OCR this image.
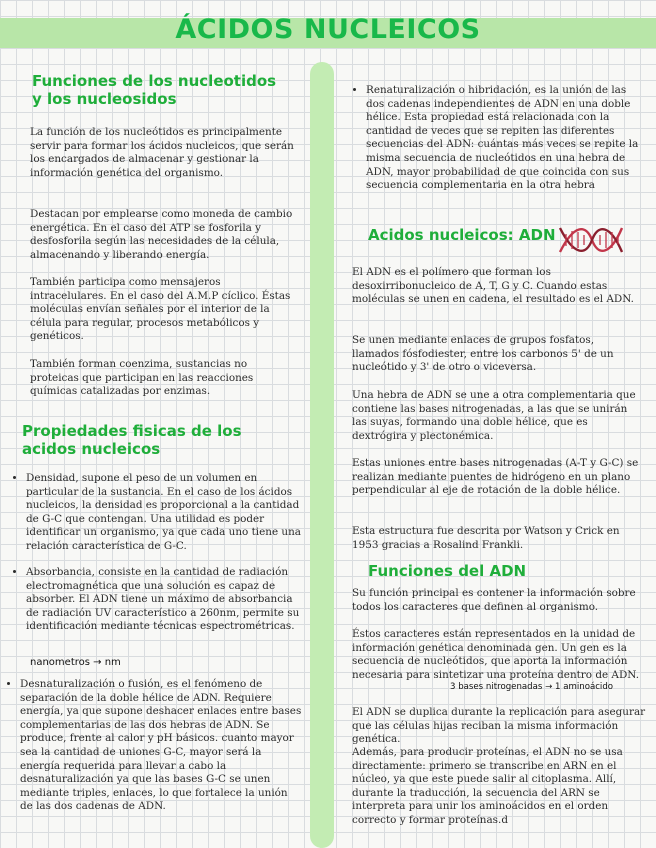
ÁCIDOS NUCLEICOS
Funciones de los nucleotidos y los nucleosidos
La función de los nucleótidos es principalmente servir para formar los ácidos nucleicos, que serán los encargados de almacenar y gestionar la información genética del organismo.
Destacan por emplearse como moneda de cambio energética. En el caso del ATP se fosforila y desfosforila según las necesidades de la célula, almacenando y liberando energía.
También participa como mensajeros intracelulares. En el caso del A.M.P cíclico. Éstas moléculas envían señales por el interior de la célula para regular, procesos metabólicos y genéticos.
También forman coenzima, sustancias no proteicas que participan en las reacciones químicas catalizadas por enzimas.
Propiedades fisicas de los acidos nucleicos
• Densidad, supone el peso de un volumen en particular de la sustancia. En el caso de los ácidos nucleicos, la densidad es proporcional a la cantidad de G-C que contengan. Una utilidad es poder identificar un organismo, ya que cada uno tiene una relación característica de G-C.
• Absorbancia, consiste en la cantidad de radiación electromagnética que una solución es capaz de absorber. El ADN tiene un máximo de absorbancia de radiación UV característico a 260nm, permite su identificación mediante técnicas espectrométricas.
nanometros → nm
• Desnaturalización o fusión, es el fenómeno de separación de la doble hélice de ADN. Requiere energía, ya que supone deshacer enlaces entre bases complementarias de las dos hebras de ADN. Se produce, frente al calor y pH básicos. cuanto mayor sea la cantidad de uniones G-C, mayor será la energía requerida para llevar a cabo la desnaturalización ya que las bases G-C se unen mediante triples, enlaces, lo que fortalece la unión de las dos cadenas de ADN.
• Renaturalización o hibridación, es la unión de las dos cadenas independientes de ADN en una doble hélice. Esta propiedad está relacionada con la cantidad de veces que se repiten las diferentes secuencias del ADN: cuántas más veces se repite la misma secuencia de nucleótidos en una hebra de ADN, mayor probabilidad de que coincida con sus secuencia complementaria en la otra hebra
Acidos nucleicos: ADN
El ADN es el polímero que forman los desoxirribonucleico de A, T, G y C. Cuando estas moléculas se unen en cadena, el resultado es el ADN.
Se unen mediante enlaces de grupos fosfatos, llamados fósfodiester, entre los carbonos 5' de un nucleótido y 3' de otro o viceversa.
Una hebra de ADN se une a otra complementaria que contiene las bases nitrogenadas, a las que se unirán las suyas, formando una doble hélice, que es dextrógira y plectonémica.
Estas uniones entre bases nitrogenadas (A-T y G-C) se realizan mediante puentes de hidrógeno en un plano perpendicular al eje de rotación de la doble hélice.
Esta estructura fue descrita por Watson y Crick en 1953 gracias a Rosalind Frankli.
Funciones del ADN
Su función principal es contener la información sobre todos los caracteres que definen al organismo.
Éstos caracteres están representados en la unidad de información genética denominada gen. Un gen es la secuencia de nucleótidos, que aporta la información necesaria para sintetizar una proteína dentro de ADN.
3 bases nitrogenadas → 1 aminoácido
El ADN se duplica durante la replicación para asegurar que las células hijas reciban la misma información genética.
Además, para producir proteínas, el ADN no se usa directamente: primero se transcribe en ARN en el núcleo, ya que este puede salir al citoplasma. Allí, durante la traducción, la secuencia del ARN se interpreta para unir los aminoácidos en el orden correcto y formar proteínas.d
